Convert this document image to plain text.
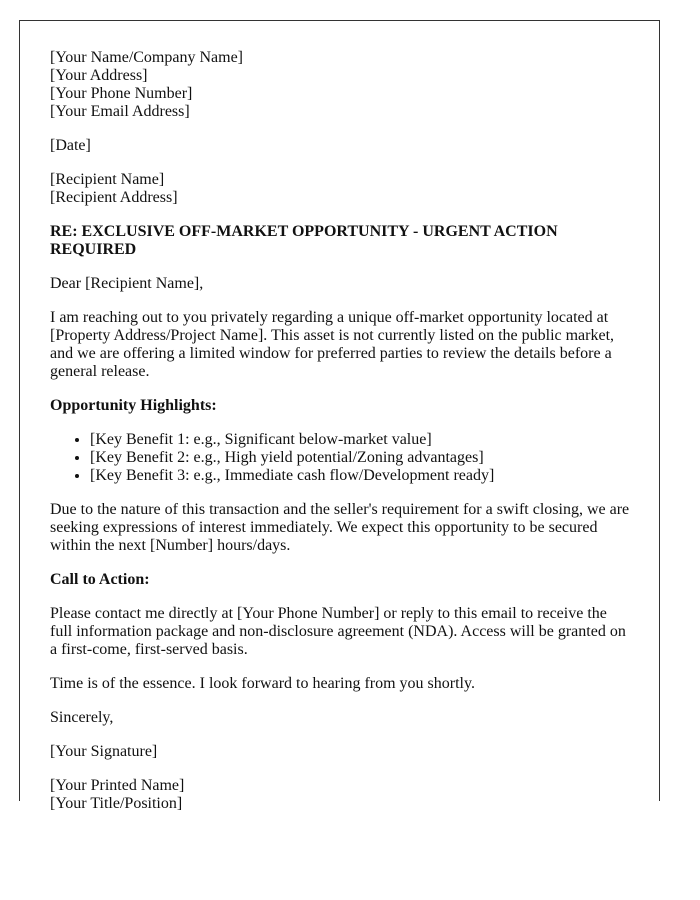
[Your Name/Company Name]
[Your Address]
[Your Phone Number]
[Your Email Address]

[Date]

[Recipient Name]
[Recipient Address]

RE: EXCLUSIVE OFF-MARKET OPPORTUNITY - URGENT ACTION REQUIRED

Dear [Recipient Name],

I am reaching out to you privately regarding a unique off-market opportunity located at [Property Address/Project Name]. This asset is not currently listed on the public market, and we are offering a limited window for preferred parties to review the details before a general release.

Opportunity Highlights:

• [Key Benefit 1: e.g., Significant below-market value]
• [Key Benefit 2: e.g., High yield potential/Zoning advantages]
• [Key Benefit 3: e.g., Immediate cash flow/Development ready]

Due to the nature of this transaction and the seller's requirement for a swift closing, we are seeking expressions of interest immediately. We expect this opportunity to be secured within the next [Number] hours/days.

Call to Action:

Please contact me directly at [Your Phone Number] or reply to this email to receive the full information package and non-disclosure agreement (NDA). Access will be granted on a first-come, first-served basis.

Time is of the essence. I look forward to hearing from you shortly.

Sincerely,

[Your Signature]

[Your Printed Name]
[Your Title/Position]
